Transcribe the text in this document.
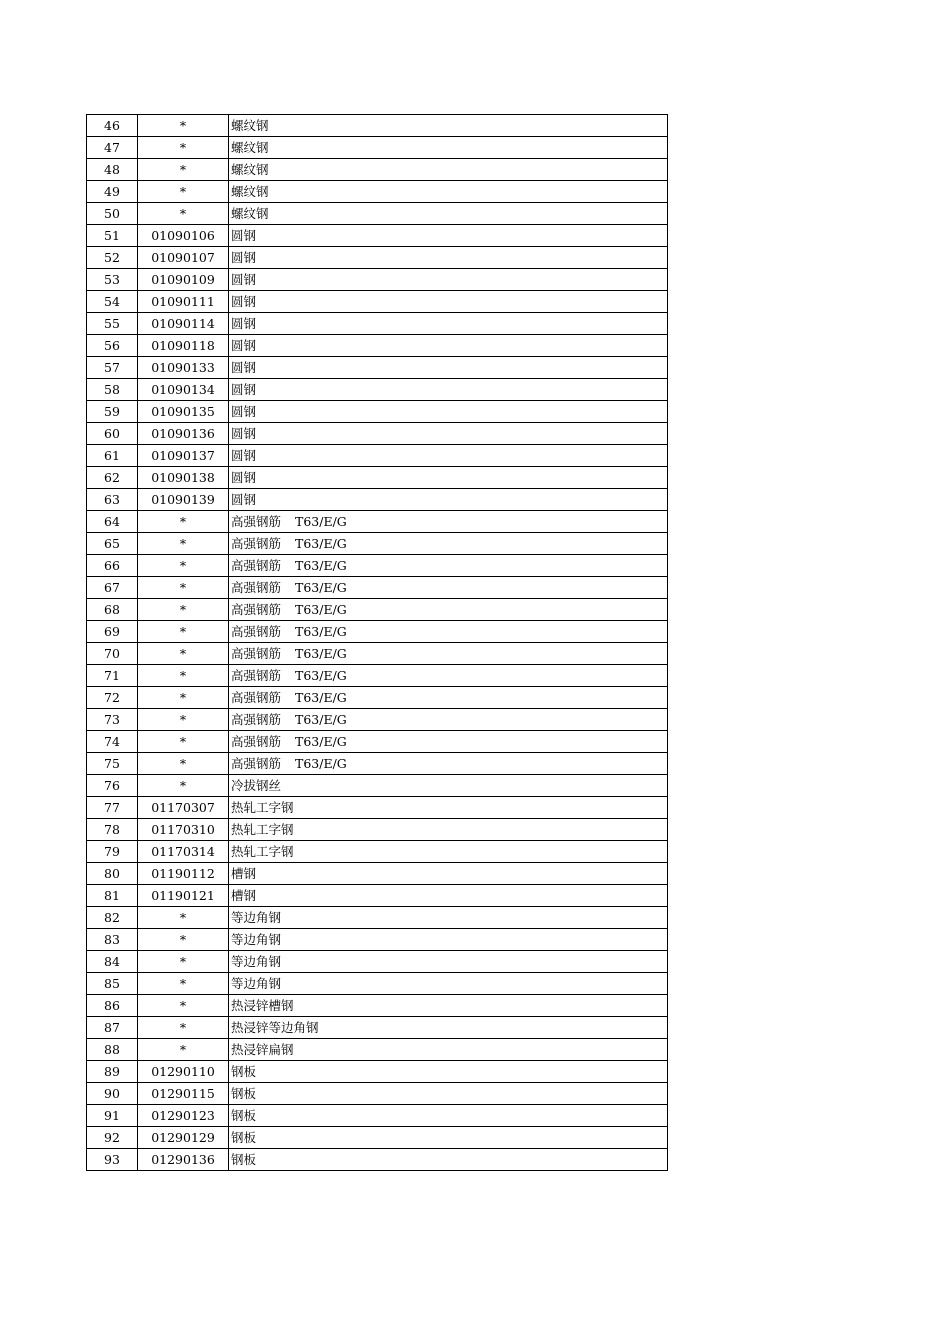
46	*	螺纹钢
47	*	螺纹钢
48	*	螺纹钢
49	*	螺纹钢
50	*	螺纹钢
51	01090106	圆钢
52	01090107	圆钢
53	01090109	圆钢
54	01090111	圆钢
55	01090114	圆钢
56	01090118	圆钢
57	01090133	圆钢
58	01090134	圆钢
59	01090135	圆钢
60	01090136	圆钢
61	01090137	圆钢
62	01090138	圆钢
63	01090139	圆钢
64	*	高强钢筋 T63/E/G
65	*	高强钢筋 T63/E/G
66	*	高强钢筋 T63/E/G
67	*	高强钢筋 T63/E/G
68	*	高强钢筋 T63/E/G
69	*	高强钢筋 T63/E/G
70	*	高强钢筋 T63/E/G
71	*	高强钢筋 T63/E/G
72	*	高强钢筋 T63/E/G
73	*	高强钢筋 T63/E/G
74	*	高强钢筋 T63/E/G
75	*	高强钢筋 T63/E/G
76	*	冷拔钢丝
77	01170307	热轧工字钢
78	01170310	热轧工字钢
79	01170314	热轧工字钢
80	01190112	槽钢
81	01190121	槽钢
82	*	等边角钢
83	*	等边角钢
84	*	等边角钢
85	*	等边角钢
86	*	热浸锌槽钢
87	*	热浸锌等边角钢
88	*	热浸锌扁钢
89	01290110	钢板
90	01290115	钢板
91	01290123	钢板
92	01290129	钢板
93	01290136	钢板
